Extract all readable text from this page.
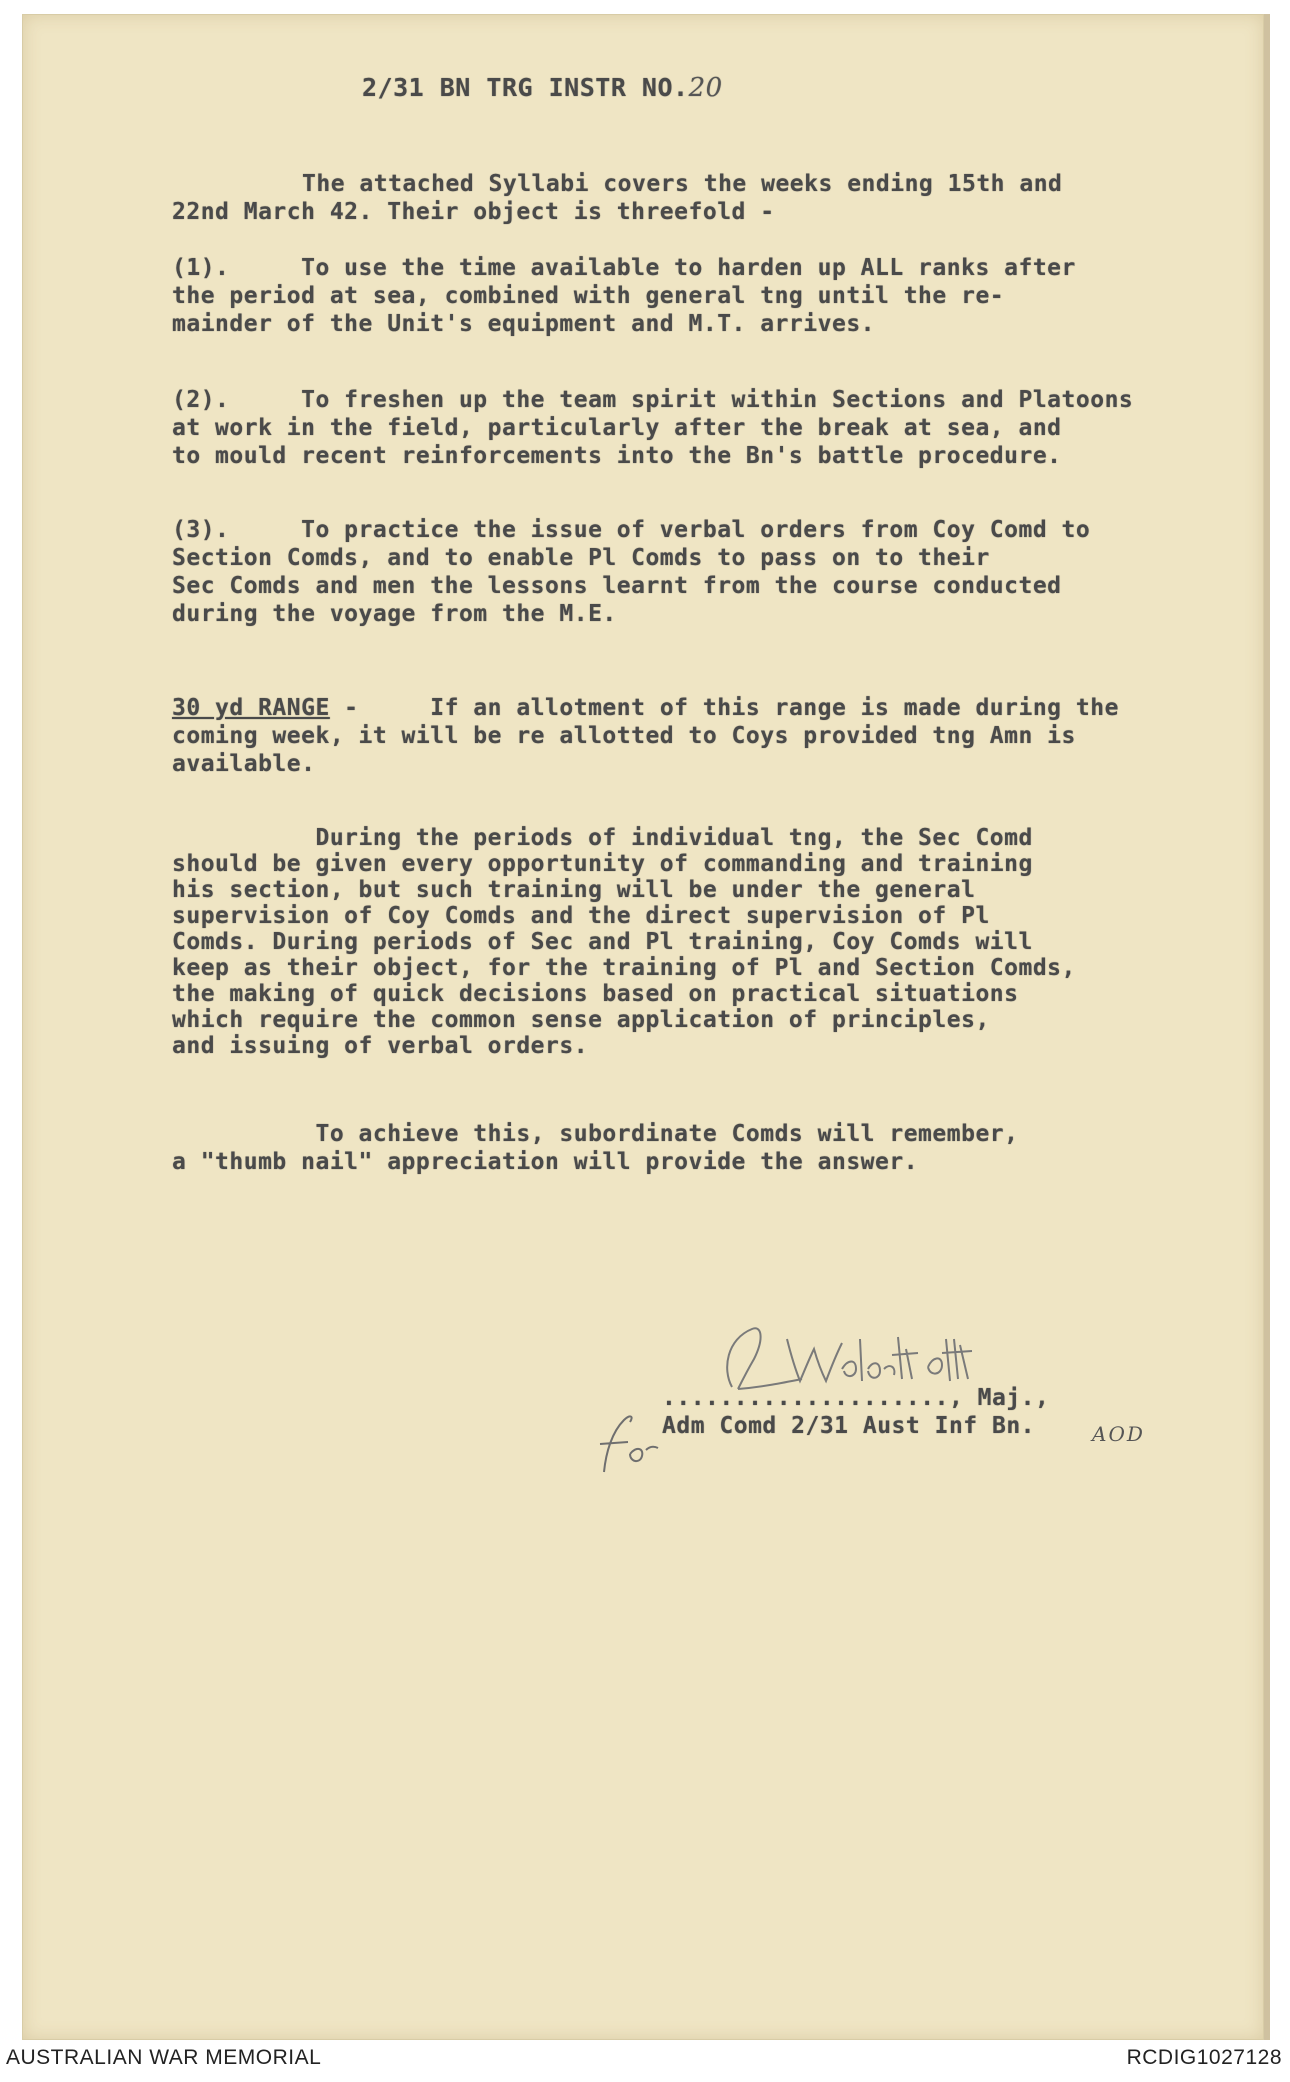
2/31 BN TRG INSTR NO.20
The attached Syllabi covers the weeks ending 15th and
22nd March 42. Their object is threefold -
(1).     To use the time available to harden up ALL ranks after
the period at sea, combined with general tng until the re-
mainder of the Unit's equipment and M.T. arrives.
(2).     To freshen up the team spirit within Sections and Platoons
at work in the field, particularly after the break at sea, and
to mould recent reinforcements into the Bn's battle procedure.
(3).     To practice the issue of verbal orders from Coy Comd to
Section Comds, and to enable Pl Comds to pass on to their
Sec Comds and men the lessons learnt from the course conducted
during the voyage from the M.E.
30 yd RANGE -     If an allotment of this range is made during the
coming week, it will be re allotted to Coys provided tng Amn is
available.
During the periods of individual tng, the Sec Comd
should be given every opportunity of commanding and training
his section, but such training will be under the general
supervision of Coy Comds and the direct supervision of Pl
Comds. During periods of Sec and Pl training, Coy Comds will
keep as their object, for the training of Pl and Section Comds,
the making of quick decisions based on practical situations
which require the common sense application of principles,
and issuing of verbal orders.
To achieve this, subordinate Comds will remember,
a "thumb nail" appreciation will provide the answer.
...................., Maj.,
Adm Comd 2/31 Aust Inf Bn.	AOD
AUSTRALIAN WAR MEMORIAL	RCDIG1027128
